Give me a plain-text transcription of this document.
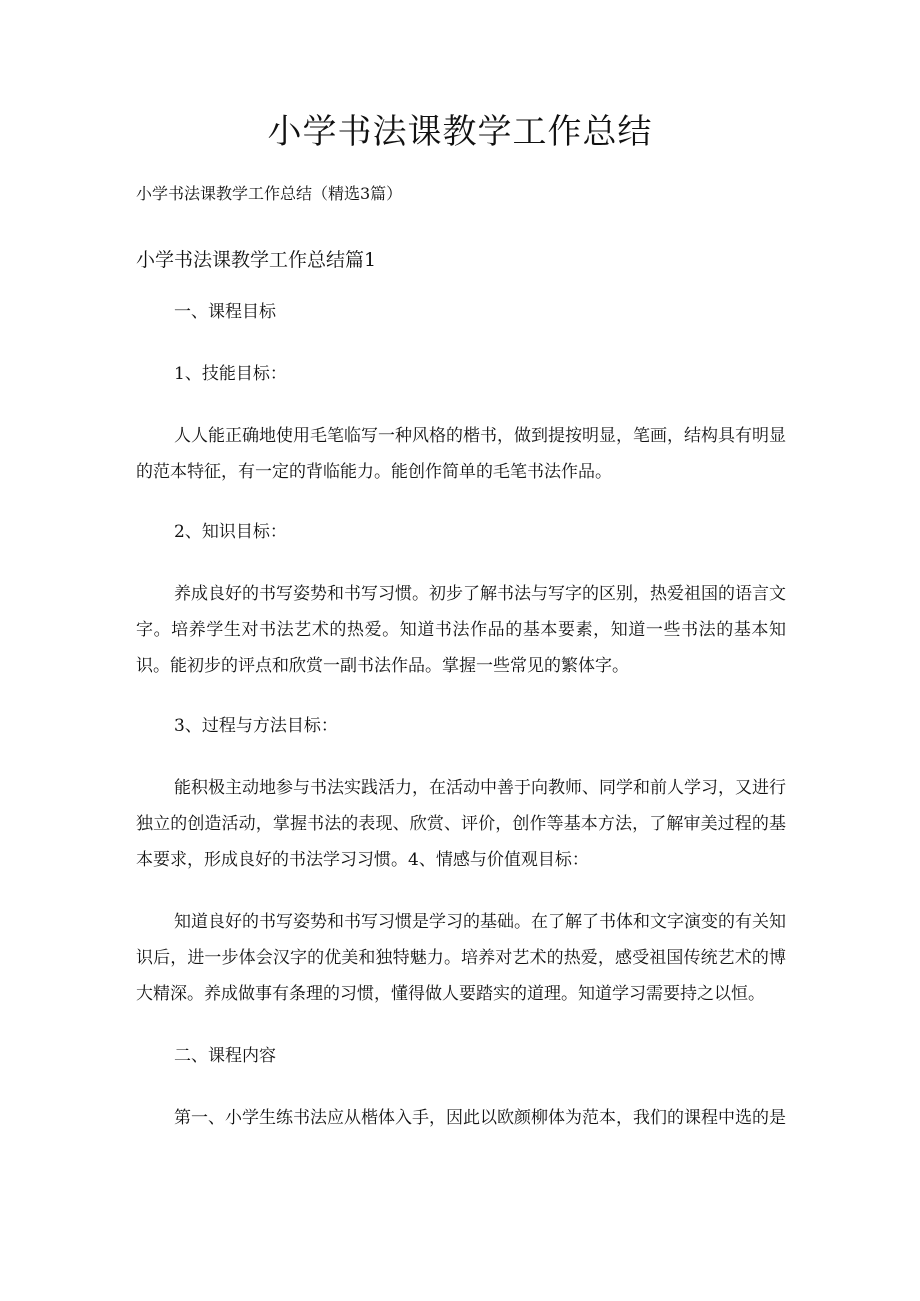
小学书法课教学工作总结

小学书法课教学工作总结（精选3篇）

小学书法课教学工作总结篇1

一、课程目标

1、技能目标：

人人能正确地使用毛笔临写一种风格的楷书，做到提按明显，笔画，结构具有明显的范本特征，有一定的背临能力。能创作简单的毛笔书法作品。

2、知识目标：

养成良好的书写姿势和书写习惯。初步了解书法与写字的区别，热爱祖国的语言文字。培养学生对书法艺术的热爱。知道书法作品的基本要素，知道一些书法的基本知识。能初步的评点和欣赏一副书法作品。掌握一些常见的繁体字。

3、过程与方法目标：

能积极主动地参与书法实践活力，在活动中善于向教师、同学和前人学习，又进行独立的创造活动，掌握书法的表现、欣赏、评价，创作等基本方法，了解审美过程的基本要求，形成良好的书法学习习惯。4、情感与价值观目标：

知道良好的书写姿势和书写习惯是学习的基础。在了解了书体和文字演变的有关知识后，进一步体会汉字的优美和独特魅力。培养对艺术的热爱，感受祖国传统艺术的博大精深。养成做事有条理的习惯，懂得做人要踏实的道理。知道学习需要持之以恒。

二、课程内容

第一、小学生练书法应从楷体入手，因此以欧颜柳体为范本，我们的课程中选的是
